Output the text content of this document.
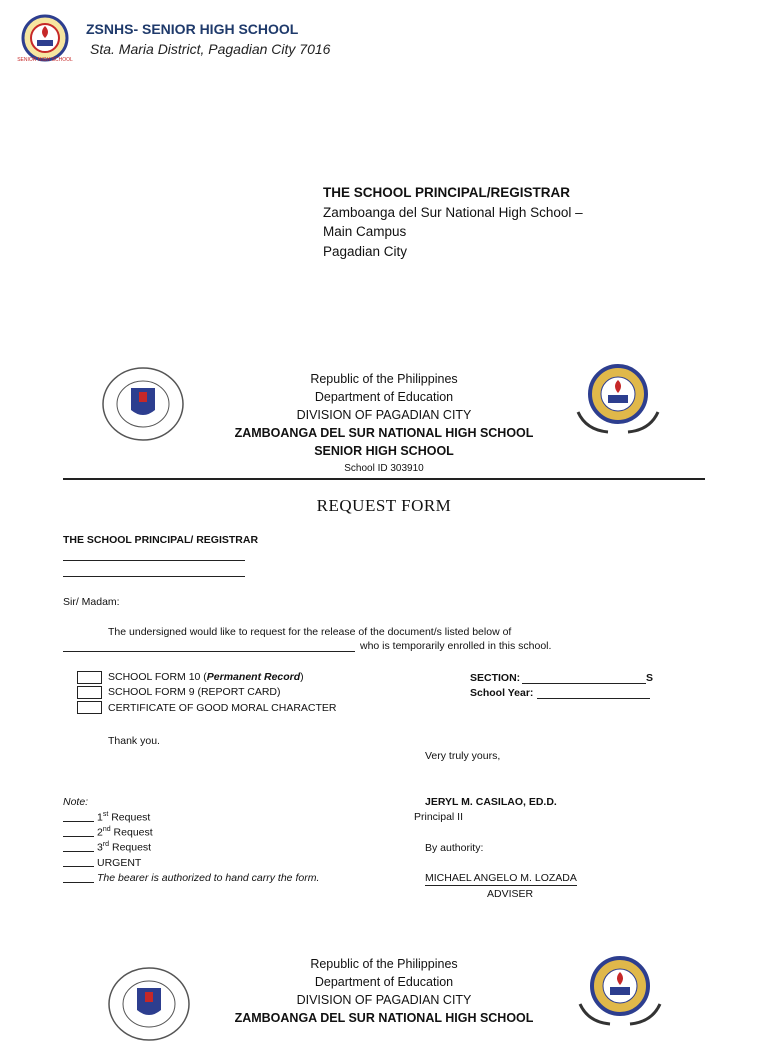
SENIOR HIGH SCHOOL
ZSNHS- SENIOR HIGH SCHOOL
Sta. Maria District, Pagadian City 7016
THE SCHOOL PRINCIPAL/REGISTRAR
Zamboanga del Sur National High School –
Main Campus
Pagadian City
Republic of the Philippines
Department of Education
DIVISION OF PAGADIAN CITY
ZAMBOANGA DEL SUR NATIONAL HIGH SCHOOL
SENIOR HIGH SCHOOL
School ID 303910
REQUEST FORM
THE SCHOOL PRINCIPAL/ REGISTRAR
Sir/ Madam:
The undersigned would like to request for the release of the document/s listed below of
who is temporarily enrolled in this school.
SCHOOL FORM 10 (Permanent Record)
SCHOOL FORM 9 (REPORT CARD)
CERTIFICATE OF GOOD MORAL CHARACTER
SECTION:	S
School Year:
Thank you.
Very truly yours,
Note:
1st Request
2nd Request
3rd Request
URGENT
The bearer is authorized to hand carry the form.
JERYL M. CASILAO, ED.D.
Principal II
By authority:
MICHAEL ANGELO M. LOZADA
ADVISER
Republic of the Philippines
Department of Education
DIVISION OF PAGADIAN CITY
ZAMBOANGA DEL SUR NATIONAL HIGH SCHOOL
